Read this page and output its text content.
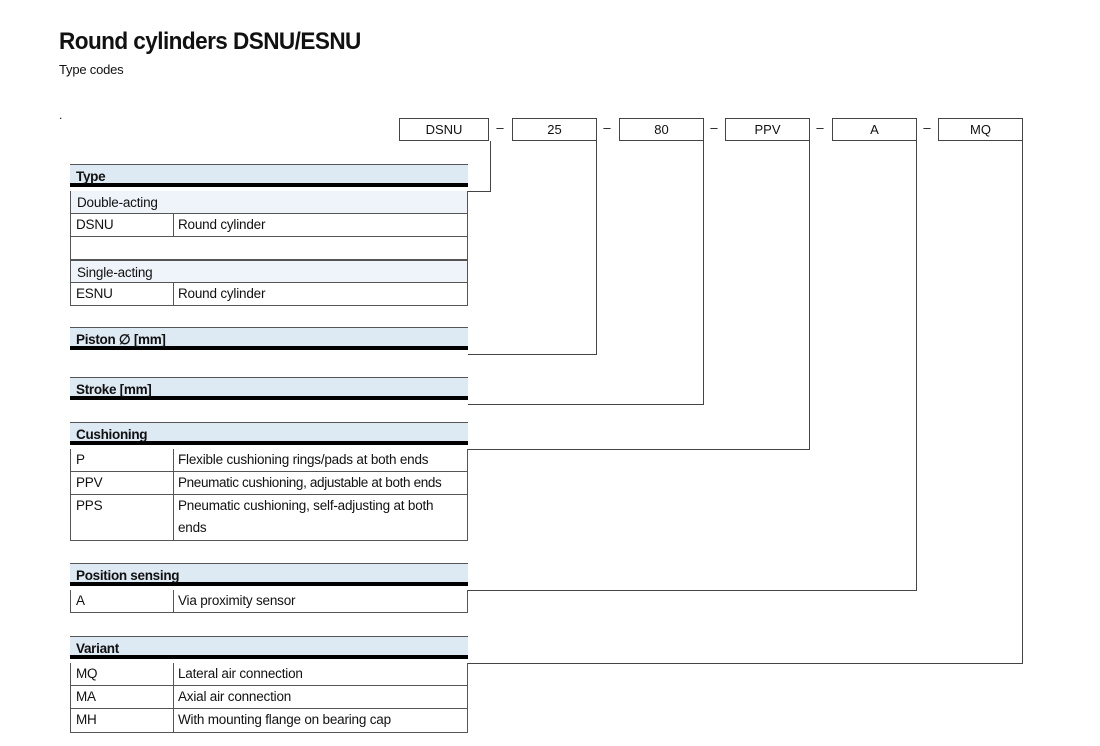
Round cylinders DSNU/ESNU
Type codes
.
DSNU	–	25	–	80	–	PPV	–	A	–	MQ
Type
Double-acting
DSNU	Round cylinder
Single-acting
ESNU	Round cylinder
Piston ∅ [mm]
Stroke [mm]
Cushioning
P	Flexible cushioning rings/pads at both ends
PPV	Pneumatic cushioning, adjustable at both ends
PPS	Pneumatic cushioning, self-adjusting at both ends
Position sensing
A	Via proximity sensor
Variant
MQ	Lateral air connection
MA	Axial air connection
MH	With mounting flange on bearing cap
